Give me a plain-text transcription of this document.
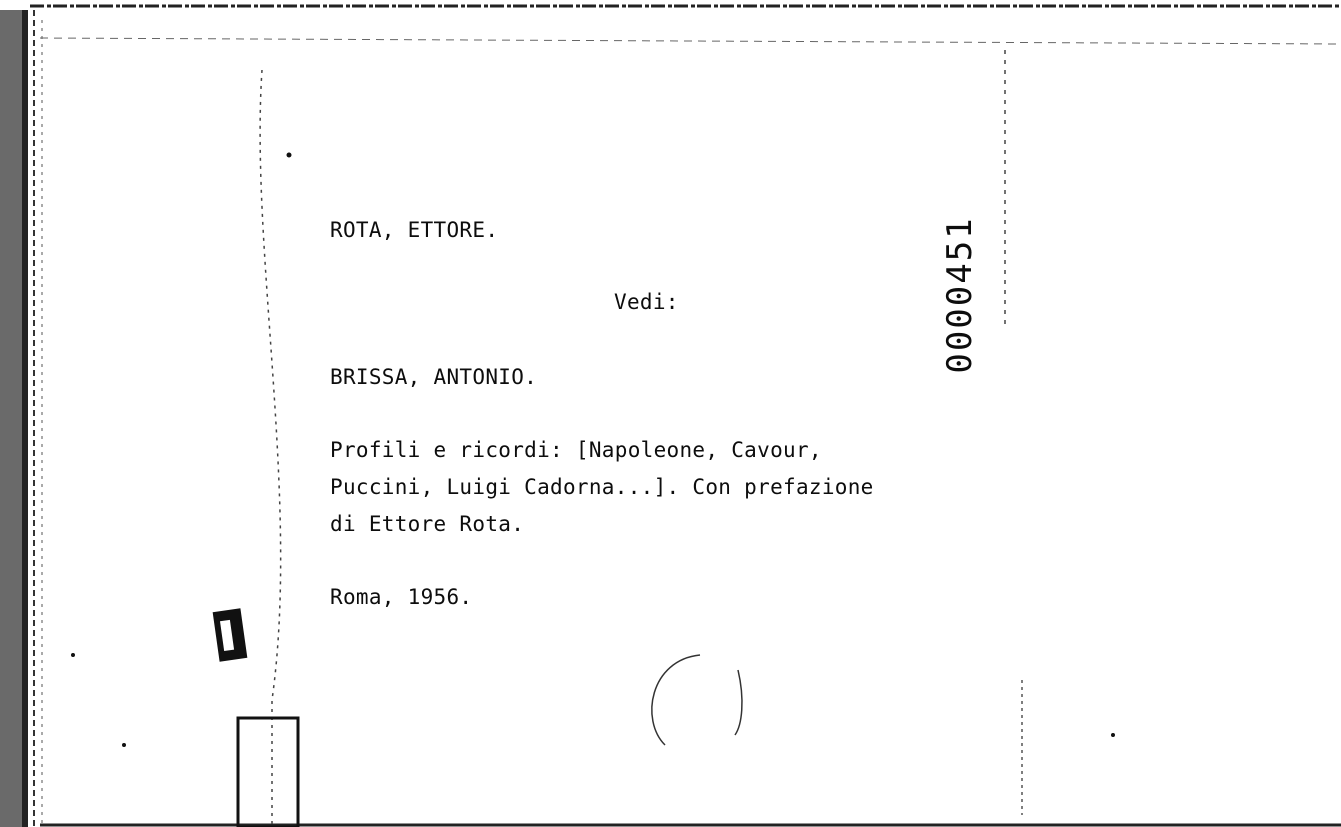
ROTA, ETTORE.
Vedi:
BRISSA, ANTONIO.
Profili e ricordi: [Napoleone, Cavour,
Puccini, Luigi Cadorna...]. Con prefazione
di Ettore Rota.
Roma, 1956.
0000451
